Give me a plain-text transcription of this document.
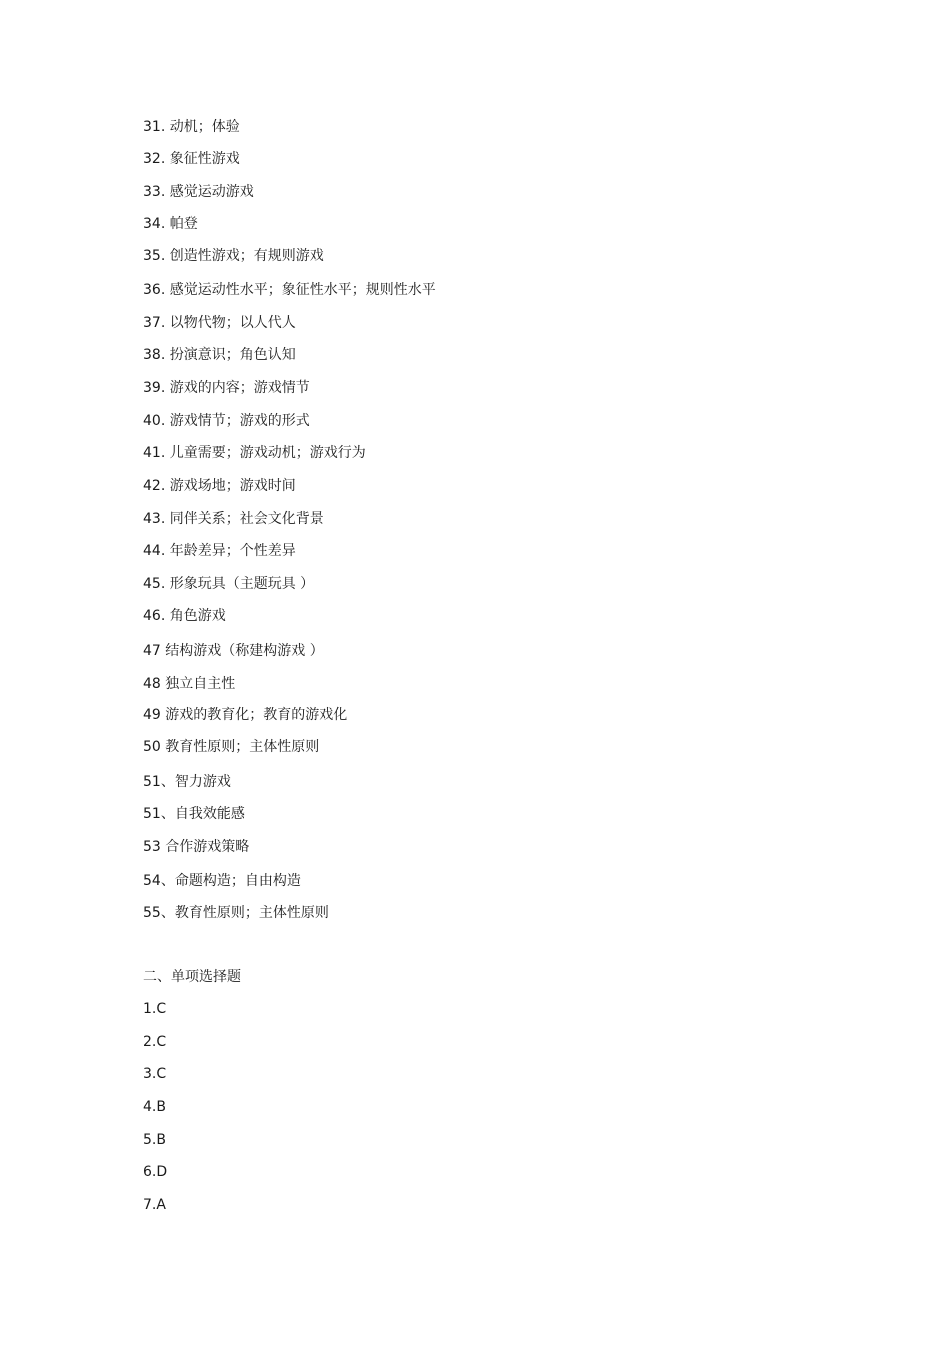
31. 动机；体验
32. 象征性游戏
33. 感觉运动游戏
34. 帕登
35. 创造性游戏；有规则游戏
36. 感觉运动性水平；象征性水平；规则性水平
37. 以物代物；以人代人
38. 扮演意识；角色认知
39. 游戏的内容；游戏情节
40. 游戏情节；游戏的形式
41. 儿童需要；游戏动机；游戏行为
42. 游戏场地；游戏时间
43. 同伴关系；社会文化背景
44. 年龄差异；个性差异
45. 形象玩具（主题玩具 ）
46. 角色游戏
47 结构游戏（称建构游戏 ）
48 独立自主性
49 游戏的教育化；教育的游戏化
50 教育性原则；主体性原则
51、智力游戏
51、自我效能感
53 合作游戏策略
54、命题构造；自由构造
55、教育性原则；主体性原则
二、单项选择题
1.C
2.C
3.C
4.B
5.B
6.D
7.A
